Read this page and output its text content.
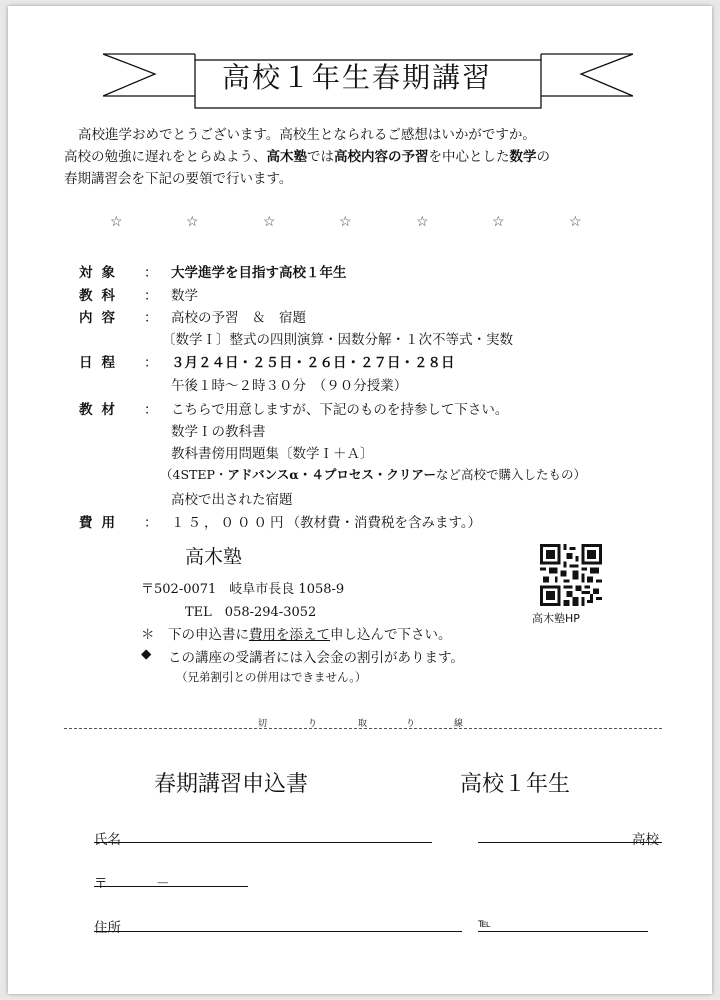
高校１年生春期講習
高校進学おめでとうございます。高校生となられるご感想はいかがですか。
高校の勉強に遅れをとらぬよう、高木塾では高校内容の予習を中心とした数学の
春期講習会を下記の要領で行います。
☆	☆	☆	☆	☆	☆	☆
対象 ： 大学進学を目指す高校１年生
教科 ： 数学
内容 ： 高校の予習　＆　宿題
〔数学Ｉ〕整式の四則演算・因数分解・１次不等式・実数
日程 ： ３月２４日・２５日・２６日・２７日・２８日
午後１時～２時３０分　（９０分授業）
教材 ： こちらで用意しますが、下記のものを持参して下さい。
数学Ｉの教科書
教科書傍用問題集〔数学Ｉ＋Ａ〕
（4STEP・アドバンスα・４プロセス・クリアーなど高校で購入したもの）
高校で出された宿題
費用 ： １５，０００円（教材費・消費税を含みます。）
高木塾
〒502-0071　岐阜市長良 1058-9
TEL　058-294-3052
＊ 下の申込書に費用を添えて申し込んで下さい。
◆ この講座の受講者には入会金の割引があります。
（兄弟割引との併用はできません。）
高木塾HP
切	り	取	り	線
春期講習申込書	高校１年生
氏名	高校
〒	－
住所	℡
